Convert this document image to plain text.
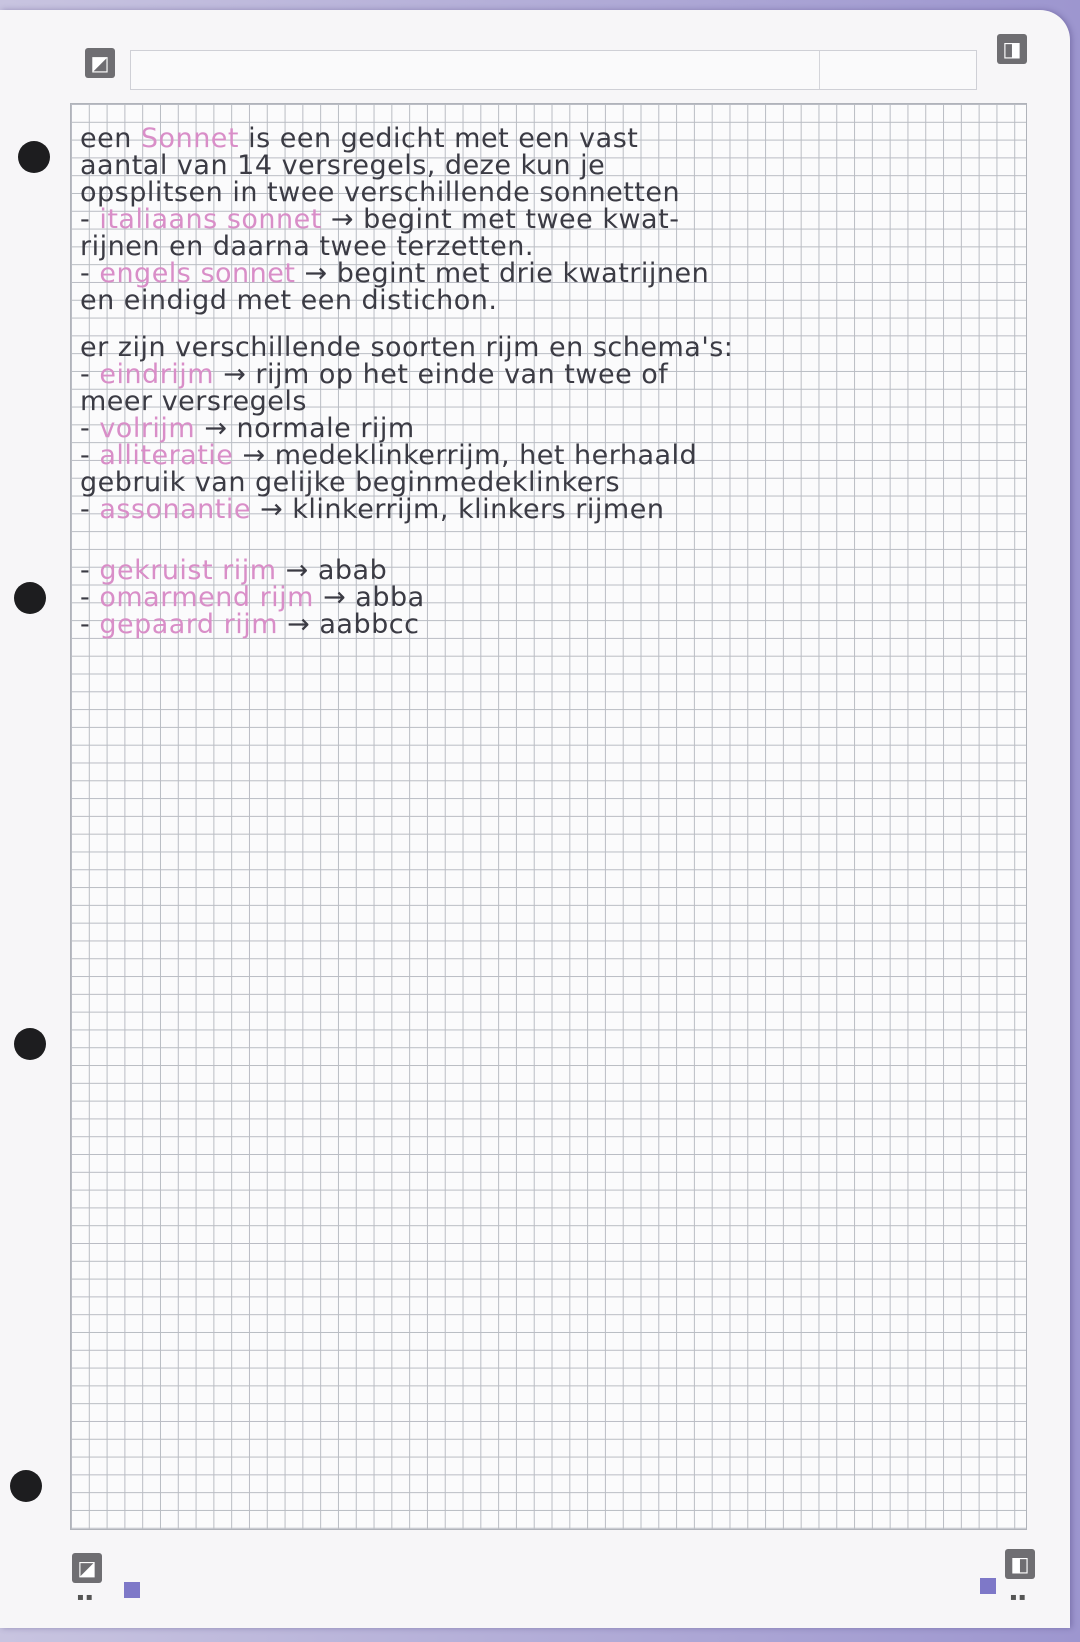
◩
◨
◪	◧
▪▪	▪▪
een Sonnet is een gedicht met een vast
aantal van 14 versregels, deze kun je
opsplitsen in twee verschillende sonnetten
- italiaans sonnet → begint met twee kwat-
rijnen en daarna twee terzetten.
- engels sonnet → begint met drie kwatrijnen
en eindigd met een distichon.
er zijn verschillende soorten rijm en schema's:
- eindrijm → rijm op het einde van twee of
meer versregels
- volrijm → normale rijm
- alliteratie → medeklinkerrijm, het herhaald
gebruik van gelijke beginmedeklinkers
- assonantie → klinkerrijm, klinkers rijmen
- gekruist rijm → abab
- omarmend rijm → abba
- gepaard rijm → aabbcc
